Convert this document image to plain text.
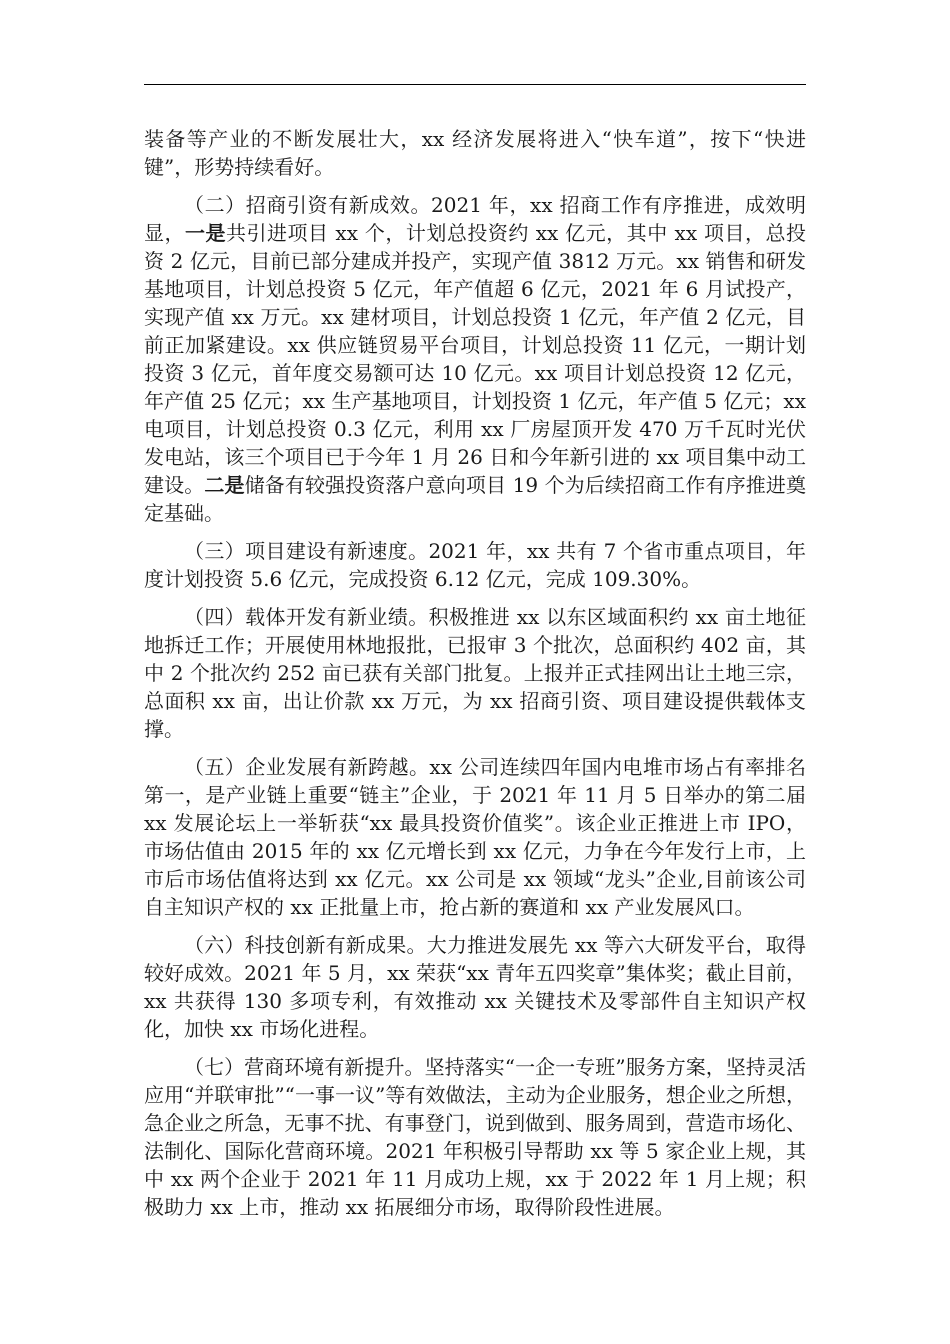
装备等产业的不断发展壮大，xx 经济发展将进入“快车道”，按下“快进键”，形势持续看好。

（二）招商引资有新成效。2021 年，xx 招商工作有序推进，成效明显，一是共引进项目 xx 个，计划总投资约 xx 亿元，其中 xx 项目，总投资 2 亿元，目前已部分建成并投产，实现产值 3812 万元。xx 销售和研发基地项目，计划总投资 5 亿元，年产值超 6 亿元，2021 年 6 月试投产，实现产值 xx 万元。xx 建材项目，计划总投资 1 亿元，年产值 2 亿元，目前正加紧建设。xx 供应链贸易平台项目，计划总投资 11 亿元，一期计划投资 3 亿元，首年度交易额可达 10 亿元。xx 项目计划总投资 12 亿元，年产值 25 亿元；xx 生产基地项目，计划投资 1 亿元，年产值 5 亿元；xx 电项目，计划总投资 0.3 亿元，利用 xx 厂房屋顶开发 470 万千瓦时光伏发电站，该三个项目已于今年 1 月 26 日和今年新引进的 xx 项目集中动工建设。二是储备有较强投资落户意向项目 19 个为后续招商工作有序推进奠定基础。

（三）项目建设有新速度。2021 年，xx 共有 7 个省市重点项目，年度计划投资 5.6 亿元，完成投资 6.12 亿元，完成 109.30%。

（四）载体开发有新业绩。积极推进 xx 以东区域面积约 xx 亩土地征地拆迁工作；开展使用林地报批，已报审 3 个批次，总面积约 402 亩，其中 2 个批次约 252 亩已获有关部门批复。上报并正式挂网出让土地三宗，总面积 xx 亩，出让价款 xx 万元，为 xx 招商引资、项目建设提供载体支撑。

（五）企业发展有新跨越。xx 公司连续四年国内电堆市场占有率排名第一，是产业链上重要“链主”企业，于 2021 年 11 月 5 日举办的第二届 xx 发展论坛上一举斩获“xx 最具投资价值奖”。该企业正推进上市 IPO，市场估值由 2015 年的 xx 亿元增长到 xx 亿元，力争在今年发行上市，上市后市场估值将达到 xx 亿元。xx 公司是 xx 领域“龙头”企业,目前该公司自主知识产权的 xx 正批量上市，抢占新的赛道和 xx 产业发展风口。

（六）科技创新有新成果。大力推进发展先 xx 等六大研发平台，取得较好成效。2021 年 5 月，xx 荣获“xx 青年五四奖章”集体奖；截止目前，xx 共获得 130 多项专利，有效推动 xx 关键技术及零部件自主知识产权化，加快 xx 市场化进程。

（七）营商环境有新提升。坚持落实“一企一专班”服务方案，坚持灵活应用“并联审批”“一事一议”等有效做法，主动为企业服务，想企业之所想，急企业之所急，无事不扰、有事登门，说到做到、服务周到，营造市场化、法制化、国际化营商环境。2021 年积极引导帮助 xx 等 5 家企业上规，其中 xx 两个企业于 2021 年 11 月成功上规，xx 于 2022 年 1 月上规；积极助力 xx 上市，推动 xx 拓展细分市场，取得阶段性进展。
